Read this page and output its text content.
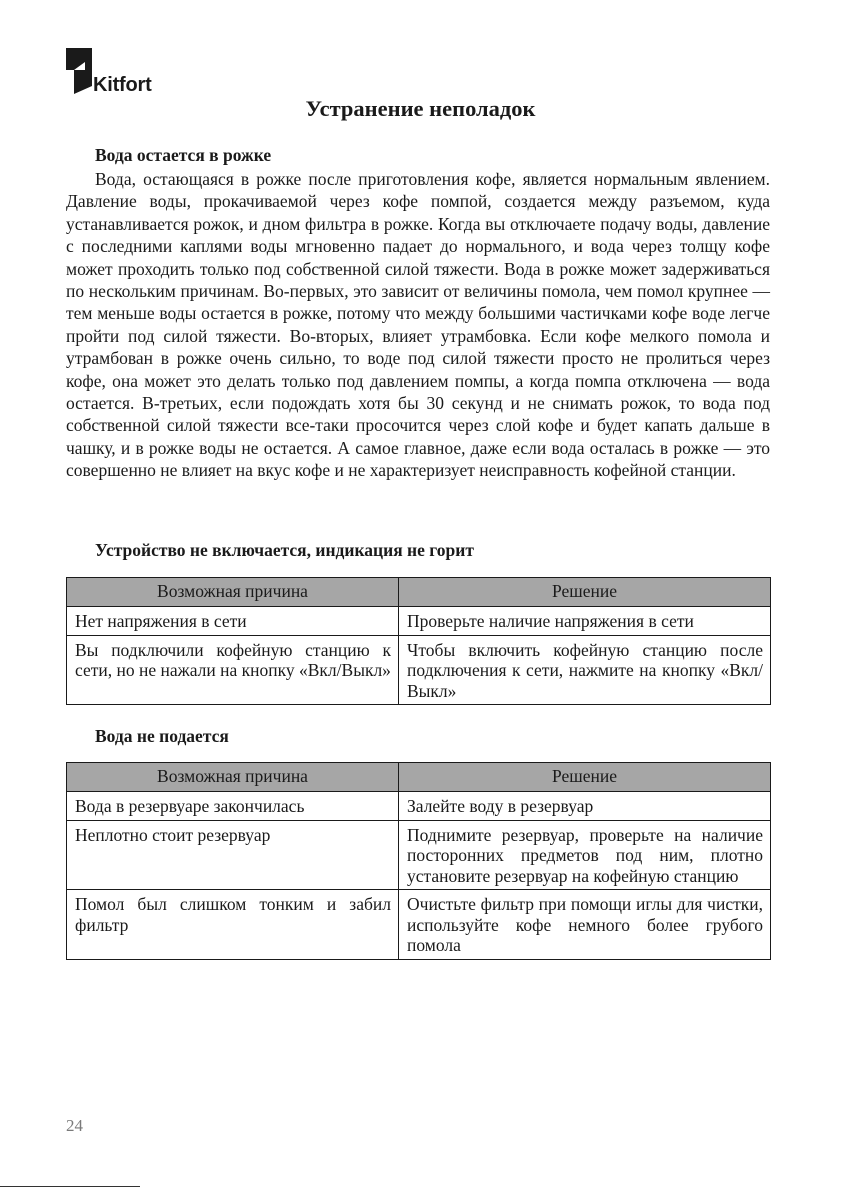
Kitfort
Устранение неполадок
Вода остается в рожке

Вода, остающаяся в рожке после приготовления кофе, является нормальным явлением. Давление воды, прокачиваемой через кофе помпой, создается между разъемом, куда устанавливается рожок, и дном фильтра в рожке. Когда вы отключаете подачу воды, давление с последними каплями воды мгновенно падает до нормального, и вода через толщу кофе может проходить только под собственной силой тяжести. Вода в рожке может задерживаться по нескольким причинам. Во-первых, это зависит от величины помола, чем помол крупнее — тем меньше воды остается в рожке, потому что между большими частичками кофе воде легче пройти под силой тяжести. Во-вторых, влияет утрамбовка. Если кофе мелкого помола и утрамбован в рожке очень сильно, то воде под силой тяжести просто не пролиться через кофе, она может это делать только под давлением помпы, а когда помпа отключена — вода остается. В-третьих, если подождать хотя бы 30 секунд и не снимать рожок, то вода под собственной силой тяжести все-таки просочится через слой кофе и будет капать дальше в чашку, и в рожке воды не остается. А самое главное, даже если вода осталась в рожке — это совершенно не влияет на вкус кофе и не характеризует неисправность кофейной станции.

Устройство не включается, индикация не горит
Возможная причина	Решение
Нет напряжения в сети	Проверьте наличие напряжения в сети
Вы подключили кофейную станцию к сети, но не нажали на кнопку «Вкл/Выкл»	Чтобы включить кофейную станцию после подключения к сети, нажмите на кнопку «Вкл/Выкл»
Вода не подается
Возможная причина	Решение
Вода в резервуаре закончилась	Залейте воду в резервуар
Неплотно стоит резервуар	Поднимите резервуар, проверьте на наличие посторонних предметов под ним, плотно установите резервуар на кофейную станцию
Помол был слишком тонким и забил фильтр	Очистьте фильтр при помощи иглы для чистки, используйте кофе немного более грубого помола
24
